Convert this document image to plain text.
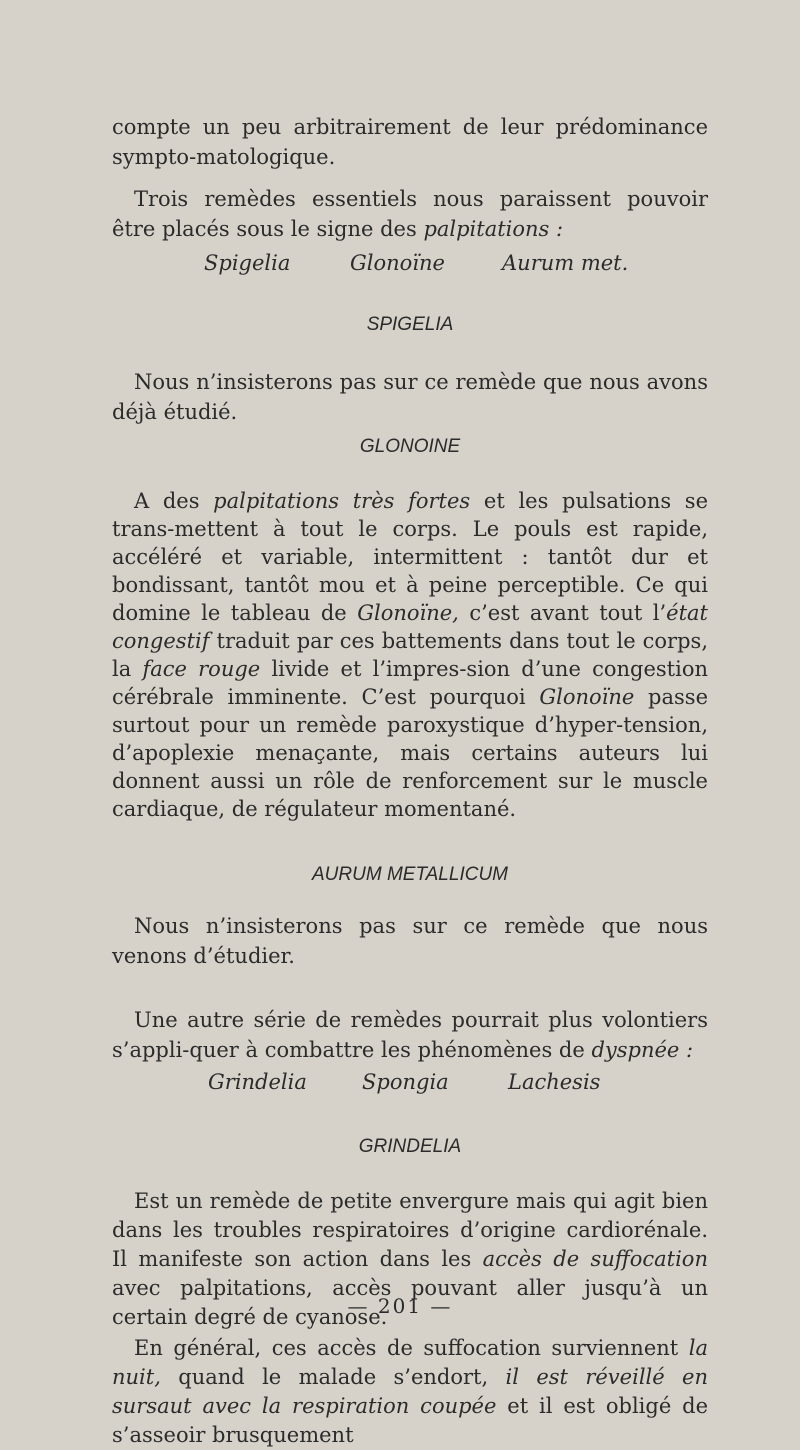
compte un peu arbitrairement de leur prédominance sympto-matologique.

Trois remèdes essentiels nous paraissent pouvoir être placés sous le signe des palpitations :

Spigelia	Glonoïne	Aurum met.
SPIGELIA

Nous n’insisterons pas sur ce remède que nous avons déjà étudié.

GLONOINE

A des palpitations très fortes et les pulsations se trans-mettent à tout le corps. Le pouls est rapide, accéléré et variable, intermittent : tantôt dur et bondissant, tantôt mou et à peine perceptible. Ce qui domine le tableau de Glonoïne, c’est avant tout l’état congestif traduit par ces battements dans tout le corps, la face rouge livide et l’impres-sion d’une congestion cérébrale imminente. C’est pourquoi Glonoïne passe surtout pour un remède paroxystique d’hyper-tension, d’apoplexie menaçante, mais certains auteurs lui donnent aussi un rôle de renforcement sur le muscle cardiaque, de régulateur momentané.

AURUM METALLICUM

Nous n’insisterons pas sur ce remède que nous venons d’étudier.

Une autre série de remèdes pourrait plus volontiers s’appli-quer à combattre les phénomènes de dyspnée :

Grindelia	Spongia	Lachesis
GRINDELIA

Est un remède de petite envergure mais qui agit bien dans les troubles respiratoires d’origine cardiorénale. Il manifeste son action dans les accès de suffocation avec palpitations, accès pouvant aller jusqu’à un certain degré de cyanose.

En général, ces accès de suffocation surviennent la nuit, quand le malade s’endort, il est réveillé en sursaut avec la respiration coupée et il est obligé de s’asseoir brusquement

— 201 —
